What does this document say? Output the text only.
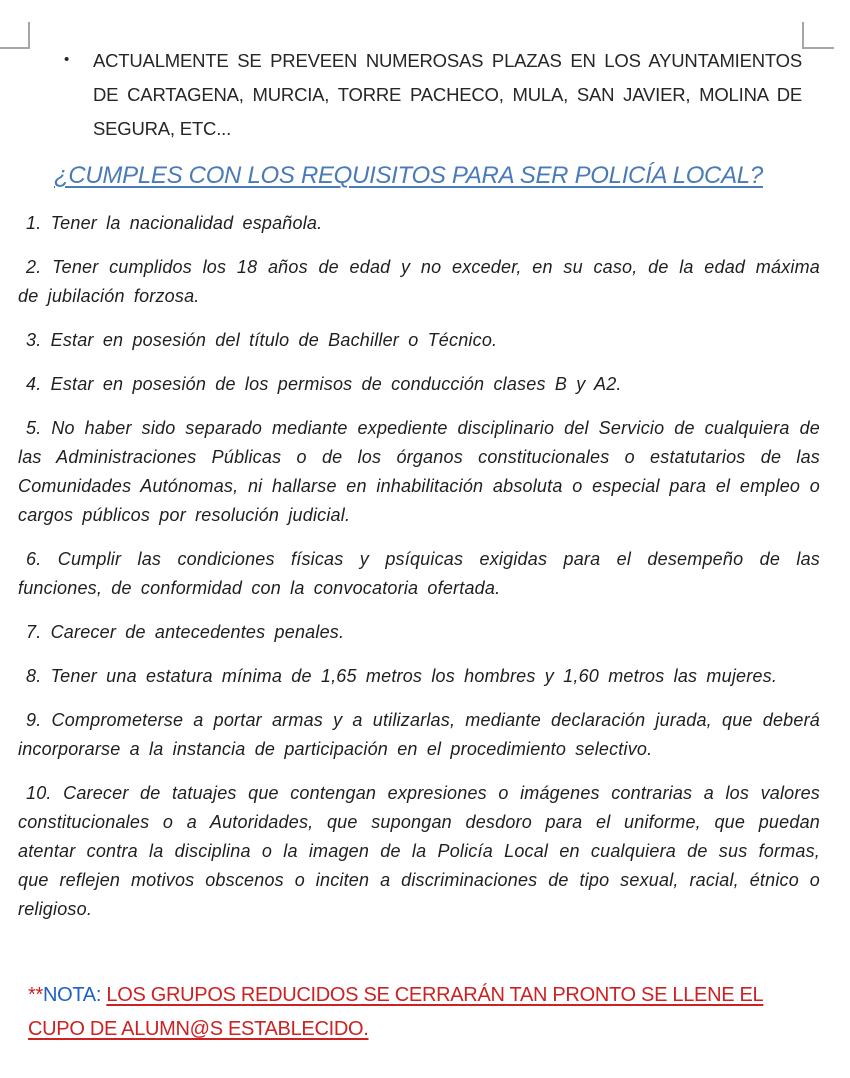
• ACTUALMENTE SE PREVEEN NUMEROSAS PLAZAS EN LOS AYUNTAMIENTOS DE CARTAGENA, MURCIA, TORRE PACHECO, MULA, SAN JAVIER, MOLINA DE SEGURA, ETC...
¿CUMPLES CON LOS REQUISITOS PARA SER POLICÍA LOCAL?

1. Tener la nacionalidad española.

2. Tener cumplidos los 18 años de edad y no exceder, en su caso, de la edad máxima de jubilación forzosa.

3. Estar en posesión del título de Bachiller o Técnico.

4. Estar en posesión de los permisos de conducción clases B y A2.

5. No haber sido separado mediante expediente disciplinario del Servicio de cualquiera de las Administraciones Públicas o de los órganos constitucionales o estatutarios de las Comunidades Autónomas, ni hallarse en inhabilitación absoluta o especial para el empleo o cargos públicos por resolución judicial.

6. Cumplir las condiciones físicas y psíquicas exigidas para el desempeño de las funciones, de conformidad con la convocatoria ofertada.

7. Carecer de antecedentes penales.

8. Tener una estatura mínima de 1,65 metros los hombres y 1,60 metros las mujeres.

9. Comprometerse a portar armas y a utilizarlas, mediante declaración jurada, que deberá incorporarse a la instancia de participación en el procedimiento selectivo.

10. Carecer de tatuajes que contengan expresiones o imágenes contrarias a los valores constitucionales o a Autoridades, que supongan desdoro para el uniforme, que puedan atentar contra la disciplina o la imagen de la Policía Local en cualquiera de sus formas, que reflejen motivos obscenos o inciten a discriminaciones de tipo sexual, racial, étnico o religioso.

**NOTA: LOS GRUPOS REDUCIDOS SE CERRARÁN TAN PRONTO SE LLENE EL CUPO DE ALUMN@S ESTABLECIDO.
